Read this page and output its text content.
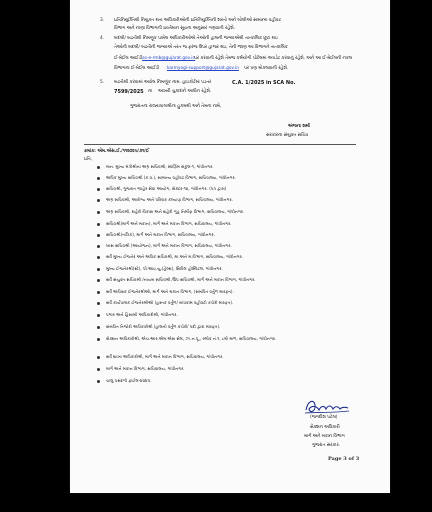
3. પ્રતિનિયુક્તિથી નિયુક્ત થતા અધિકારીઓની પ્રતિનિયુક્તિની શરતો અને બોલીઓ સામાન્ય વહીવટ
વિભાગ અને નાણા વિભાગની પ્રવર્તમાન સૂચના અનુસાર ગણવાની રહેશે.
4. બદલી/ બઢતીથી નિમણૂક પામેલ અધિકારીઓએ તેઓની હાલની જગ્યાએથી તાત્કાલિક છૂટા થઇ
તેઓની બદલી/ બઢતીની જગ્યાએ તરત જ ફરજ ઉપર હાજર થઇ, તેની જાણ આ વિભાગને તાત્કાલિક
ઈ-મેઈલ આઈડી so-e-rmb@gujarat.gov.in
પર કરવાની રહેશે તેમજ કર્મયોગી પોર્ટલમાં અપડેટ કરવાનું રહેશે. અને આ ઈ-મેઈલની નકલ
વિભાગના ઈ-મેઈલ આઈડી karmyogi-support@gujarat.gov.in પર પણ મોકલવાની રહેશે.
5. બઢતીથી કરવામાં આવેલ નિમણૂંક નામ. હાઇકોર્ટમાં પડતર	C.A. 1/2025 in SCA No.
7599/2025 ના આખરી ચુકાદાને આધીન રહેશે.
ગુજરાતના રાજ્યપાલશ્રીના હુકમથી અને તેમના નામે,
અંજના શર્મા
સરકારના સંયુક્ત સચિવ
ક્રમાંક: એમ.એસ.ઈ./૧૧૨૦૨૫/૭૧/ઈ
પ્રતિ,
માન. મુખ્ય મંત્રીશ્રીના અગ્ર સચિવશ્રી, સ્વર્ણિમ સંકુલ-૧, ગાંધીનગર.
અધિક મુખ્ય સચિવશ્રી (ક.વ.), સામાન્ય વહીવટ વિભાગ, સચિવાલય, ગાંધીનગર.
સચિવશ્રી, ગુજરાત જાહેર સેવા આયોગ, સેક્ટર-૧૦, ગાંધીનગર. (પત્ર દ્વારા)
અગ્ર સચિવશ્રી, આરોગ્ય અને પરિવાર કલ્યાણ વિભાગ, સચિવાલય, ગાંધીનગર.
અગ્ર સચિવશ્રી, શહેરી વિકાસ અને શહેરી ગૃહ નિર્માણ વિભાગ, સચિવાલય, ગાંધીનગર.
સચિવશ્રી(માર્ગ અને મકાન), માર્ગ અને મકાન વિભાગ, સચિવાલય, ગાંધીનગર.
સચિવશ્રી(તાંત્રિક), માર્ગ અને મકાન વિભાગ, સચિવાલય, ગાંધીનગર.
ખાસ સચિવશ્રી (આયોજન), માર્ગ અને મકાન વિભાગ, સચિવાલય, ગાંધીનગર.
સર્વે મુખ્ય ઈજનેર અને અધિક સચિવશ્રી, મા.અને મ.વિભાગ, સચિવાલય, ગાંધીનગર.
મુખ્ય ઈજનેરશ્રી(સ્ટે), પી.આઇ.યુ.(હેલ્થ), સિવિલ હોસ્પિટલ, ગાંધીનગર.
સર્વે સંયુક્ત સચિવશ્રી /નાયબ સચિવશ્રી /ઉપ સચિવશ્રી, માર્ગ અને મકાન વિભાગ, ગાંધીનગર.
સર્વે અધિક્ષક ઈજનેરશ્રીઓ, માર્ગ અને મકાન વિભાગ, (સંબંધિત વર્તુળ મારફત).
સર્વે કાર્યપાલક ઈજનેરશ્રીઓ (હસ્તક વર્તુળ/ બાંધકામ વહીવટી કચેરી મારફત).
પગાર અને હિસાબી અધિકારીશ્રી, ગાંધીનગર.
સંબંધિત તિજોરી અધિકારીશ્રી (હાલની વર્તુળ કચેરી/ પદો દ્વારા મારફત).
સેક્શન અધિકારીશ્રી, એચ.આર.એમ.એસ સેલ, ઝા.ન.પૂ., બ્લોક નં.૧, ૮મો માળ, સચિવાલય, ગાંધીનગર.
સર્વે શાખા અધિકારીશ્રી, માર્ગ અને મકાન વિભાગ, સચિવાલય, ગાંધીનગર.
માર્ગ અને મકાન વિભાગ, સચિવાલય, ગાંધીનગર.
ચાલુ પસંદગી ફાઈલ-૪૦૪૫.
(જગદીશ પટેલ)
સેક્શન અધિકારી
માર્ગ અને મકાન વિભાગ
ગુજરાત સરકાર.
Page 3 of 3
